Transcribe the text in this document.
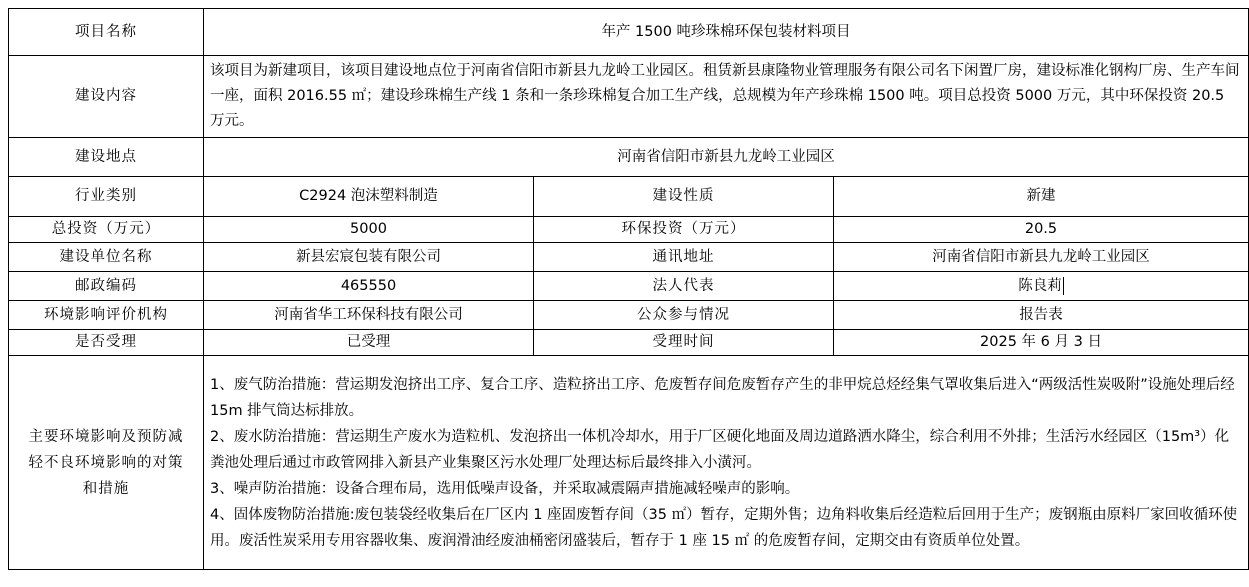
项目名称	年产 1500 吨珍珠棉环保包装材料项目		
建设内容	该项目为新建项目，该项目建设地点位于河南省信阳市新县九龙岭工业园区。租赁新县康隆物业管理服务有限公司名下闲置厂房，建设标准化钢构厂房、生产车间一座，面积 2016.55 ㎡；建设珍珠棉生产线 1 条和一条珍珠棉复合加工生产线，总规模为年产珍珠棉 1500 吨。项目总投资 5000 万元，其中环保投资 20.5 万元。		
建设地点	河南省信阳市新县九龙岭工业园区		
行业类别	C2924 泡沫塑料制造	建设性质	新建
总投资（万元）	5000	环保投资（万元）	20.5
建设单位名称	新县宏宸包装有限公司	通讯地址	河南省信阳市新县九龙岭工业园区
邮政编码	465550	法人代表	陈良莉
环境影响评价机构	河南省华工环保科技有限公司	公众参与情况	报告表
是否受理	已受理	受理时间	2025 年 6 月 3 日
主要环境影响及预防减轻不良环境影响的对策和措施	1、废气防治措施：营运期发泡挤出工序、复合工序、造粒挤出工序、危废暂存间危废暂存产生的非甲烷总烃经集气罩收集后进入“两级活性炭吸附”设施处理后经 15m 排气筒达标排放。
2、废水防治措施：营运期生产废水为造粒机、发泡挤出一体机冷却水，用于厂区硬化地面及周边道路洒水降尘，综合利用不外排；生活污水经园区（15m³）化粪池处理后通过市政管网排入新县产业集聚区污水处理厂处理达标后最终排入小潢河。
3、噪声防治措施：设备合理布局，选用低噪声设备，并采取减震隔声措施减轻噪声的影响。
4、固体废物防治措施:废包装袋经收集后在厂区内 1 座固废暂存间（35 ㎡）暂存，定期外售；边角料收集后经造粒后回用于生产；废钢瓶由原料厂家回收循环使用。废活性炭采用专用容器收集、废润滑油经废油桶密闭盛装后，暂存于 1 座 15 ㎡ 的危废暂存间，定期交由有资质单位处置。		
